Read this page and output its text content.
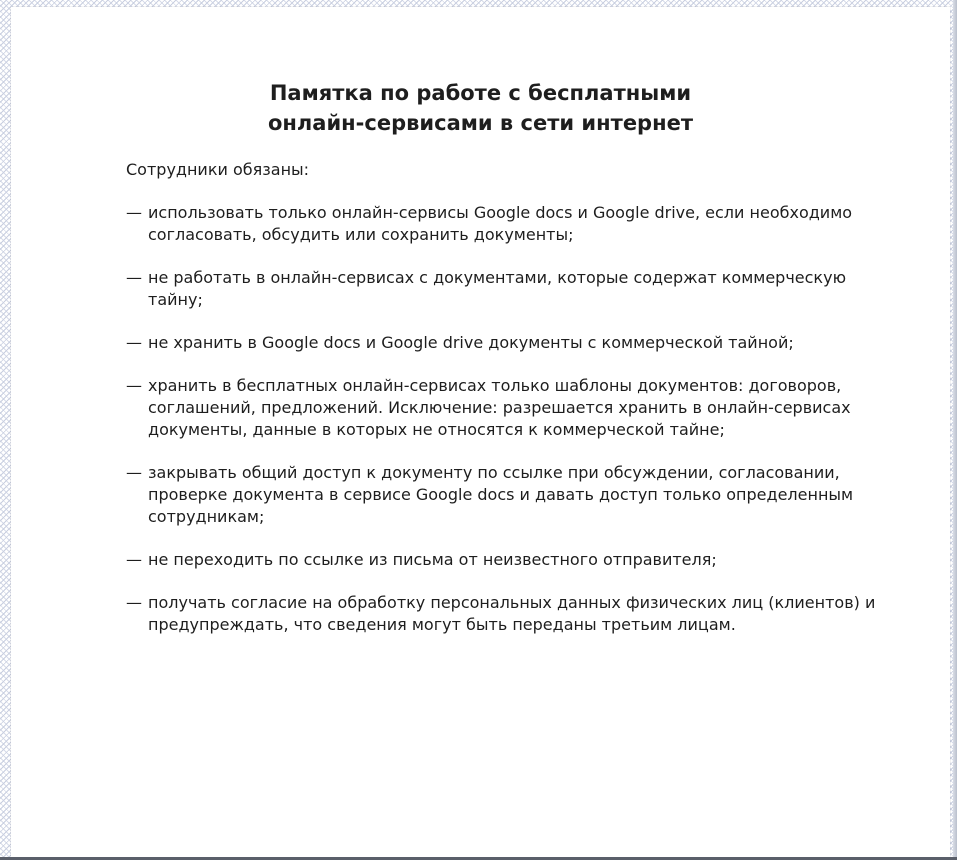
Памятка по работе с бесплатными
онлайн-сервисами в сети интернет

Сотрудники обязаны:

— использовать только онлайн-сервисы Google docs и Google drive, если необходимо согласовать, обсудить или сохранить документы;
— не работать в онлайн-сервисах с документами, которые содержат коммерческую тайну;
— не хранить в Google docs и Google drive документы с коммерческой тайной;
— хранить в бесплатных онлайн-сервисах только шаблоны документов: договоров, соглашений, предложений. Исключение: разрешается хранить в онлайн-сервисах документы, данные в которых не относятся к коммерческой тайне;
— закрывать общий доступ к документу по ссылке при обсуждении, согласовании, проверке документа в сервисе Google docs и давать доступ только определенным сотрудникам;
— не переходить по ссылке из письма от неизвестного отправителя;
— получать согласие на обработку персональных данных физических лиц (клиентов) и предупреждать, что сведения могут быть переданы третьим лицам.
